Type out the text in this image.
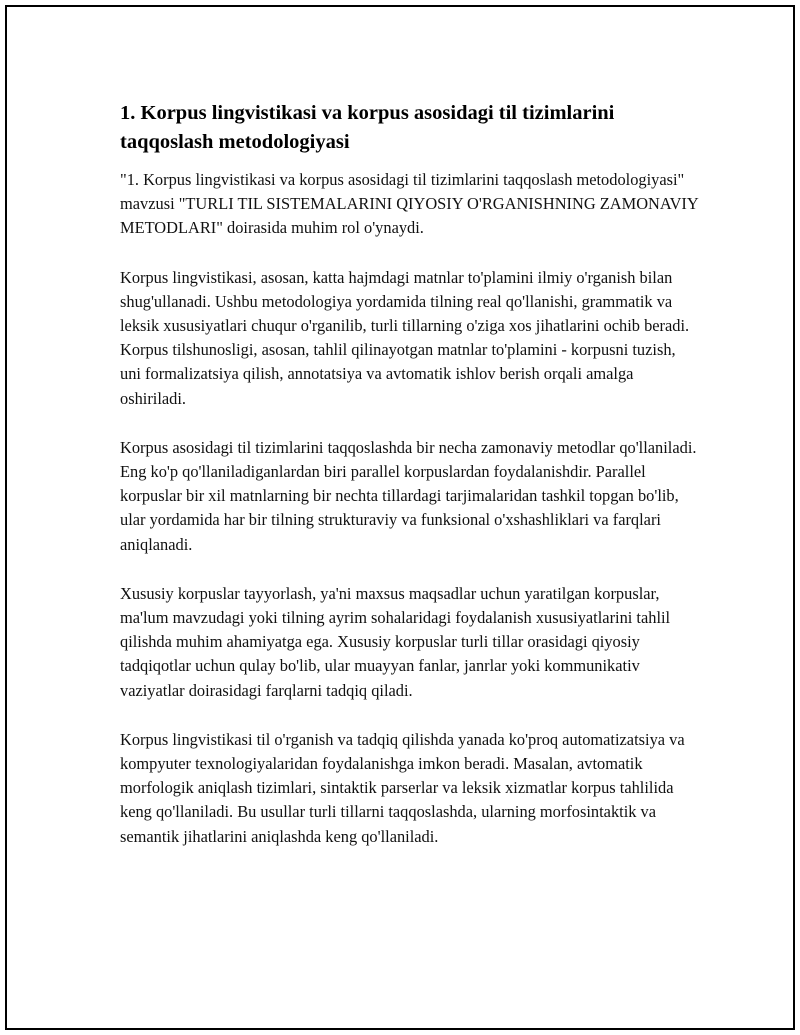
1. Korpus lingvistikasi va korpus asosidagi til tizimlarini taqqoslash metodologiyasi

"1. Korpus lingvistikasi va korpus asosidagi til tizimlarini taqqoslash metodologiyasi" mavzusi "TURLI TIL SISTEMALARINI QIYOSIY O'RGANISHNING ZAMONAVIY METODLARI" doirasida muhim rol o'ynaydi.

Korpus lingvistikasi, asosan, katta hajmdagi matnlar to'plamini ilmiy o'rganish bilan shug'ullanadi. Ushbu metodologiya yordamida tilning real qo'llanishi, grammatik va leksik xususiyatlari chuqur o'rganilib, turli tillarning o'ziga xos jihatlarini ochib beradi. Korpus tilshunosligi, asosan, tahlil qilinayotgan matnlar to'plamini - korpusni tuzish, uni formalizatsiya qilish, annotatsiya va avtomatik ishlov berish orqali amalga oshiriladi.

Korpus asosidagi til tizimlarini taqqoslashda bir necha zamonaviy metodlar qo'llaniladi. Eng ko'p qo'llaniladiganlardan biri parallel korpuslardan foydalanishdir. Parallel korpuslar bir xil matnlarning bir nechta tillardagi tarjimalaridan tashkil topgan bo'lib, ular yordamida har bir tilning strukturaviy va funksional o'xshashliklari va farqlari aniqlanadi.

Xususiy korpuslar tayyorlash, ya'ni maxsus maqsadlar uchun yaratilgan korpuslar, ma'lum mavzudagi yoki tilning ayrim sohalaridagi foydalanish xususiyatlarini tahlil qilishda muhim ahamiyatga ega. Xususiy korpuslar turli tillar orasidagi qiyosiy tadqiqotlar uchun qulay bo'lib, ular muayyan fanlar, janrlar yoki kommunikativ vaziyatlar doirasidagi farqlarni tadqiq qiladi.

Korpus lingvistikasi til o'rganish va tadqiq qilishda yanada ko'proq automatizatsiya va kompyuter texnologiyalaridan foydalanishga imkon beradi. Masalan, avtomatik morfologik aniqlash tizimlari, sintaktik parserlar va leksik xizmatlar korpus tahlilida keng qo'llaniladi. Bu usullar turli tillarni taqqoslashda, ularning morfosintaktik va semantik jihatlarini aniqlashda keng qo'llaniladi.
